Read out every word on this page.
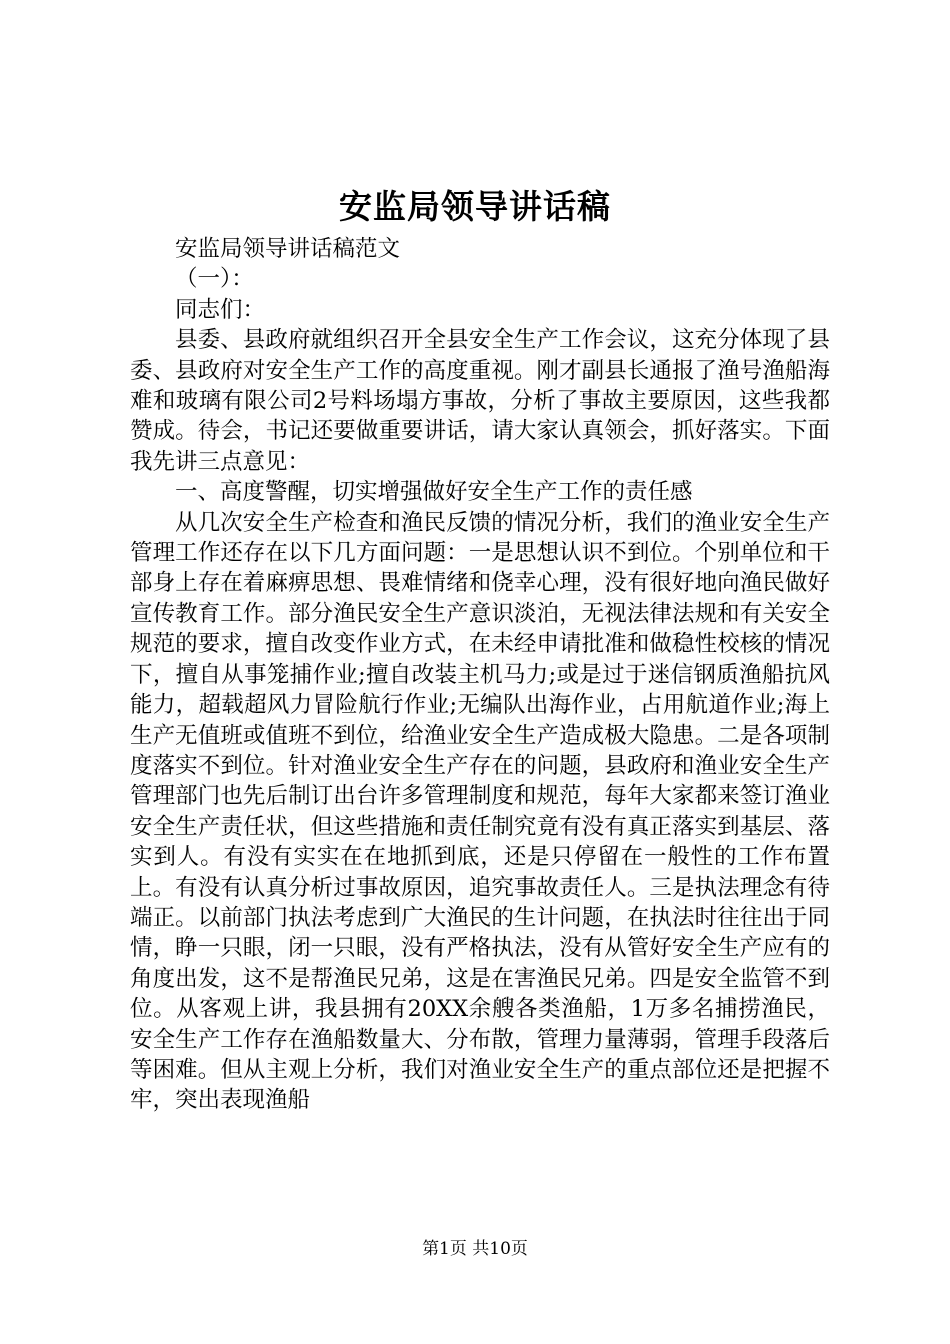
安监局领导讲话稿

安监局领导讲话稿范文

（一）：

同志们：

县委、县政府就组织召开全县安全生产工作会议，这充分体现了县委、县政府对安全生产工作的高度重视。刚才副县长通报了渔号渔船海难和玻璃有限公司2号料场塌方事故，分析了事故主要原因，这些我都赞成。待会，书记还要做重要讲话，请大家认真领会，抓好落实。下面我先讲三点意见：

一、高度警醒，切实增强做好安全生产工作的责任感

从几次安全生产检查和渔民反馈的情况分析，我们的渔业安全生产管理工作还存在以下几方面问题：一是思想认识不到位。个别单位和干部身上存在着麻痹思想、畏难情绪和侥幸心理，没有很好地向渔民做好宣传教育工作。部分渔民安全生产意识淡泊，无视法律法规和有关安全规范的要求，擅自改变作业方式，在未经申请批准和做稳性校核的情况下，擅自从事笼捕作业;擅自改装主机马力;或是过于迷信钢质渔船抗风能力，超载超风力冒险航行作业;无编队出海作业，占用航道作业;海上生产无值班或值班不到位，给渔业安全生产造成极大隐患。二是各项制度落实不到位。针对渔业安全生产存在的问题，县政府和渔业安全生产管理部门也先后制订出台许多管理制度和规范，每年大家都来签订渔业安全生产责任状，但这些措施和责任制究竟有没有真正落实到基层、落实到人。有没有实实在在地抓到底，还是只停留在一般性的工作布置上。有没有认真分析过事故原因，追究事故责任人。三是执法理念有待端正。以前部门执法考虑到广大渔民的生计问题，在执法时往往出于同情，睁一只眼，闭一只眼，没有严格执法，没有从管好安全生产应有的角度出发，这不是帮渔民兄弟，这是在害渔民兄弟。四是安全监管不到位。从客观上讲，我县拥有20XX余艘各类渔船，1万多名捕捞渔民，安全生产工作存在渔船数量大、分布散，管理力量薄弱，管理手段落后等困难。但从主观上分析，我们对渔业安全生产的重点部位还是把握不牢，突出表现渔船

第1页 共10页
